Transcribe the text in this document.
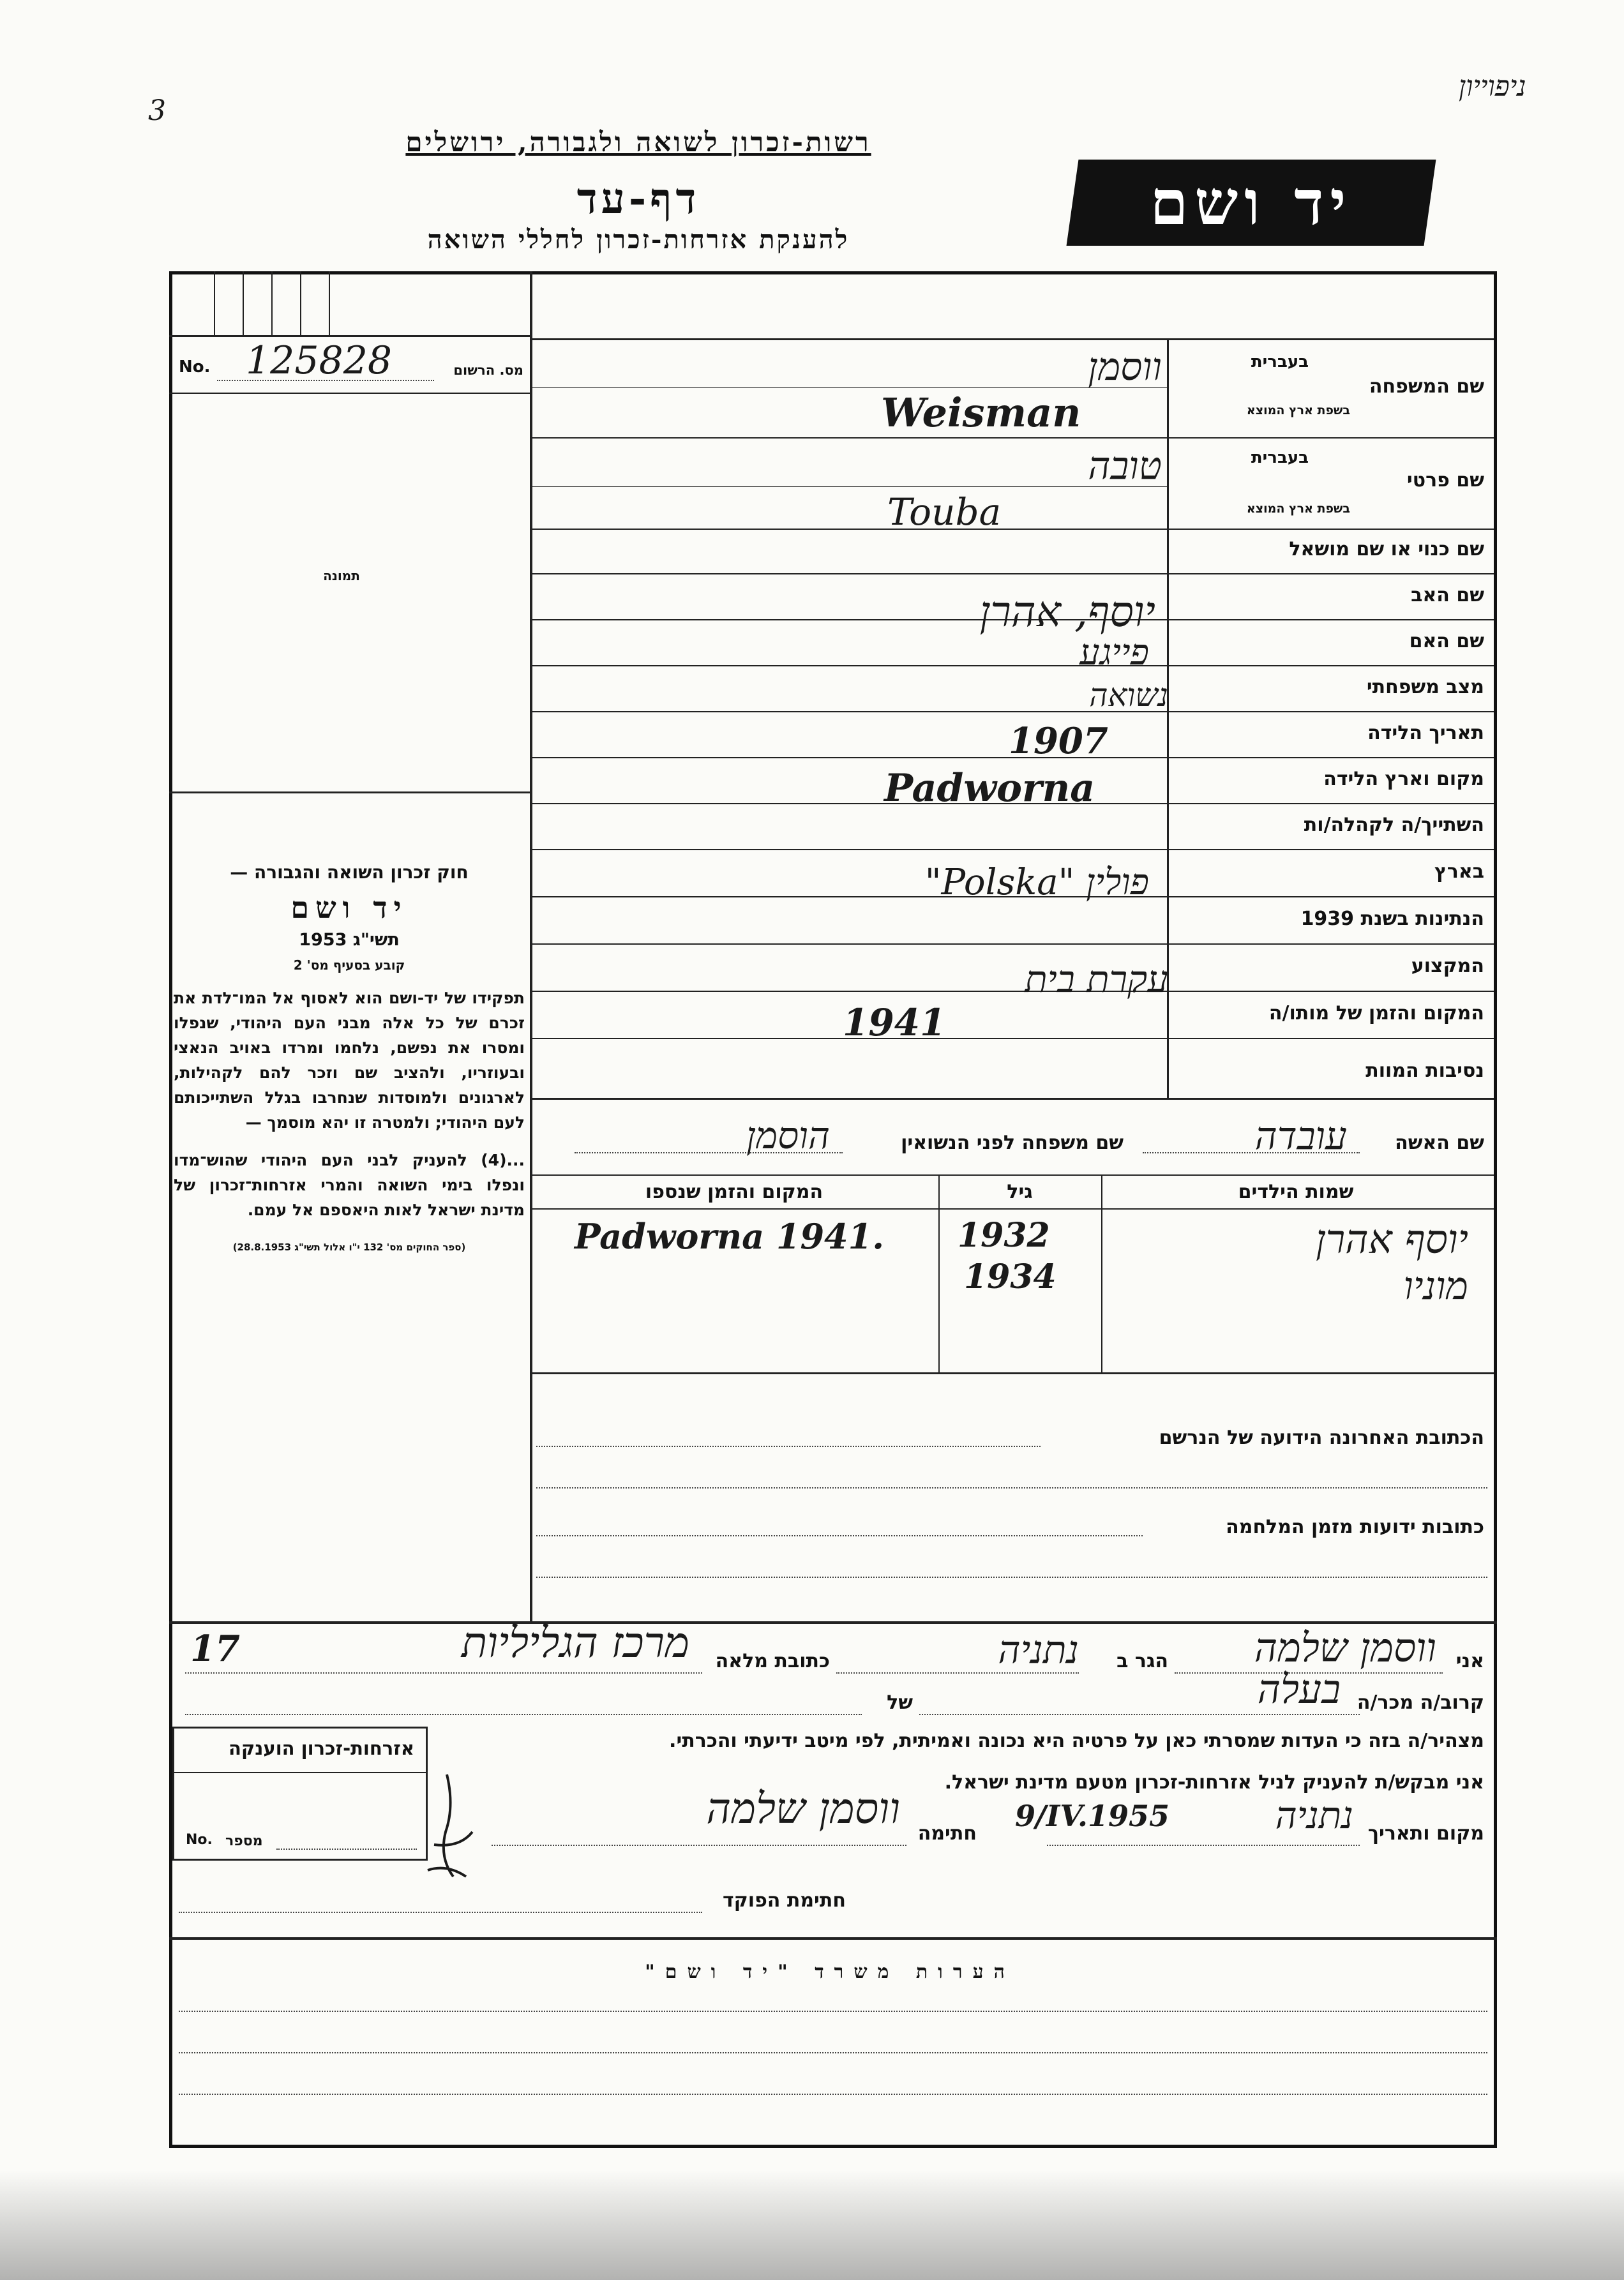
3
ניפוייון
רשות-זכרון לשואה ולגבורה, ירושלים
דף-עד
להענקת אזרחות-זכרון לחללי השואה
יד ושם
No. 125828	מס. הרשום
תמונה

חוק זכרון השואה והגבורה —

יד ושם

תשי"ג 1953

קובע בסעיף מס' 2

תפקידו של יד-ושם הוא לאסוף אל המו־לדת את זכרם של כל אלה מבני העם היהודי, שנפלו ומסרו את נפשם, נלחמו ומרדו באויב הנאצי ובעוזריו, ולהציב שם וזכר להם לקהילות, לארגונים ולמוסדות שנחרבו בגלל השתייכותם לעם היהודי; ולמטרה זו יהא מוסמך —

...(4) להעניק לבני העם היהודי שהוש־מדו ונפלו בימי השואה והמרי אזרחות־זכרון של מדינת ישראל לאות היאספם אל עמם.

(ספר החוקים מס' 132 י"ו אלול תשי"ג 28.8.1953)

בעברית
שם המשפחה
בשפת ארץ המוצא
בעברית
שם פרטי
בשפת ארץ המוצא
שם כנוי או שם מושאל
שם האב
שם האם
מצב משפחתי
תאריך הלידה
מקום וארץ הלידה
השתייך/ה לקהלה/ות
בארץ
הנתינות בשנת 1939
המקצוע
המקום והזמן של מותו/ה
נסיבות המוות
ווסמן
Weisman
טובה
Touba
יוסף, אהרן
פייגע
נשואה
1907
Padworna
פולין "Polska"
עקרת בית
1941
שם האשה
עובדה
שם משפחה לפני הנשואין
הוסמן
שמות הילדים
גיל
המקום והזמן שנספו
יוסף אהרן
1932
Padworna 1941.
מוניו
1934
הכתובת האחרונה הידועה של הנרשם
כתובות ידועות מזמן המלחמה
אני
ווסמן שלמה
הגר ב
נתניה
כתובת מלאה
מרכז הגליליות
17
קרוב/ה מכר/ה
בעלה
של
מצהיר/ה בזה כי העדות שמסרתי כאן על פרטיה היא נכונה ואמיתית, לפי מיטב ידיעתי והכרתי.
אני מבקש/ת להעניק לניל אזרחות-זכרון מטעם מדינת ישראל.
מקום ותאריך
נתניה
9/IV.1955
חתימה
ווסמן שלמה
חתימת הפוקד
אזרחות-זכרון הוענקה
מספר
No.
הערות משרד "יד ושם"
